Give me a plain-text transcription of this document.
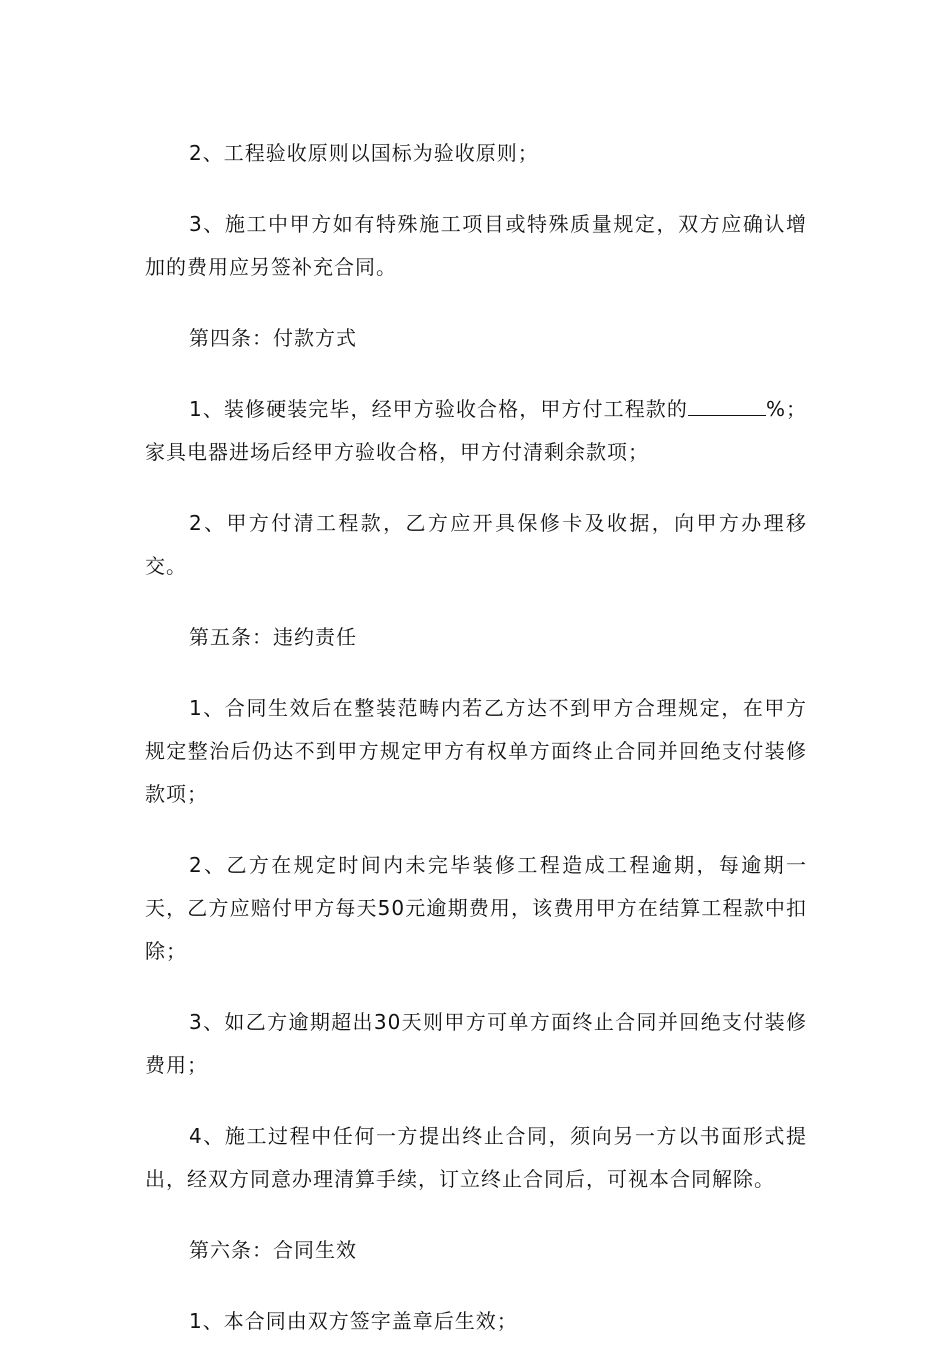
2、工程验收原则以国标为验收原则；

3、施工中甲方如有特殊施工项目或特殊质量规定，双方应确认增加的费用应另签补充合同。

第四条：付款方式

1、装修硬装完毕，经甲方验收合格，甲方付工程款的	%；家具电器进场后经甲方验收合格，甲方付清剩余款项；

2、甲方付清工程款，乙方应开具保修卡及收据，向甲方办理移交。

第五条：违约责任

1、合同生效后在整装范畴内若乙方达不到甲方合理规定，在甲方规定整治后仍达不到甲方规定甲方有权单方面终止合同并回绝支付装修款项；

2、乙方在规定时间内未完毕装修工程造成工程逾期，每逾期一天，乙方应赔付甲方每天50元逾期费用，该费用甲方在结算工程款中扣除；

3、如乙方逾期超出30天则甲方可单方面终止合同并回绝支付装修费用；

4、施工过程中任何一方提出终止合同，须向另一方以书面形式提出，经双方同意办理清算手续，订立终止合同后，可视本合同解除。

第六条：合同生效

1、本合同由双方签字盖章后生效；
